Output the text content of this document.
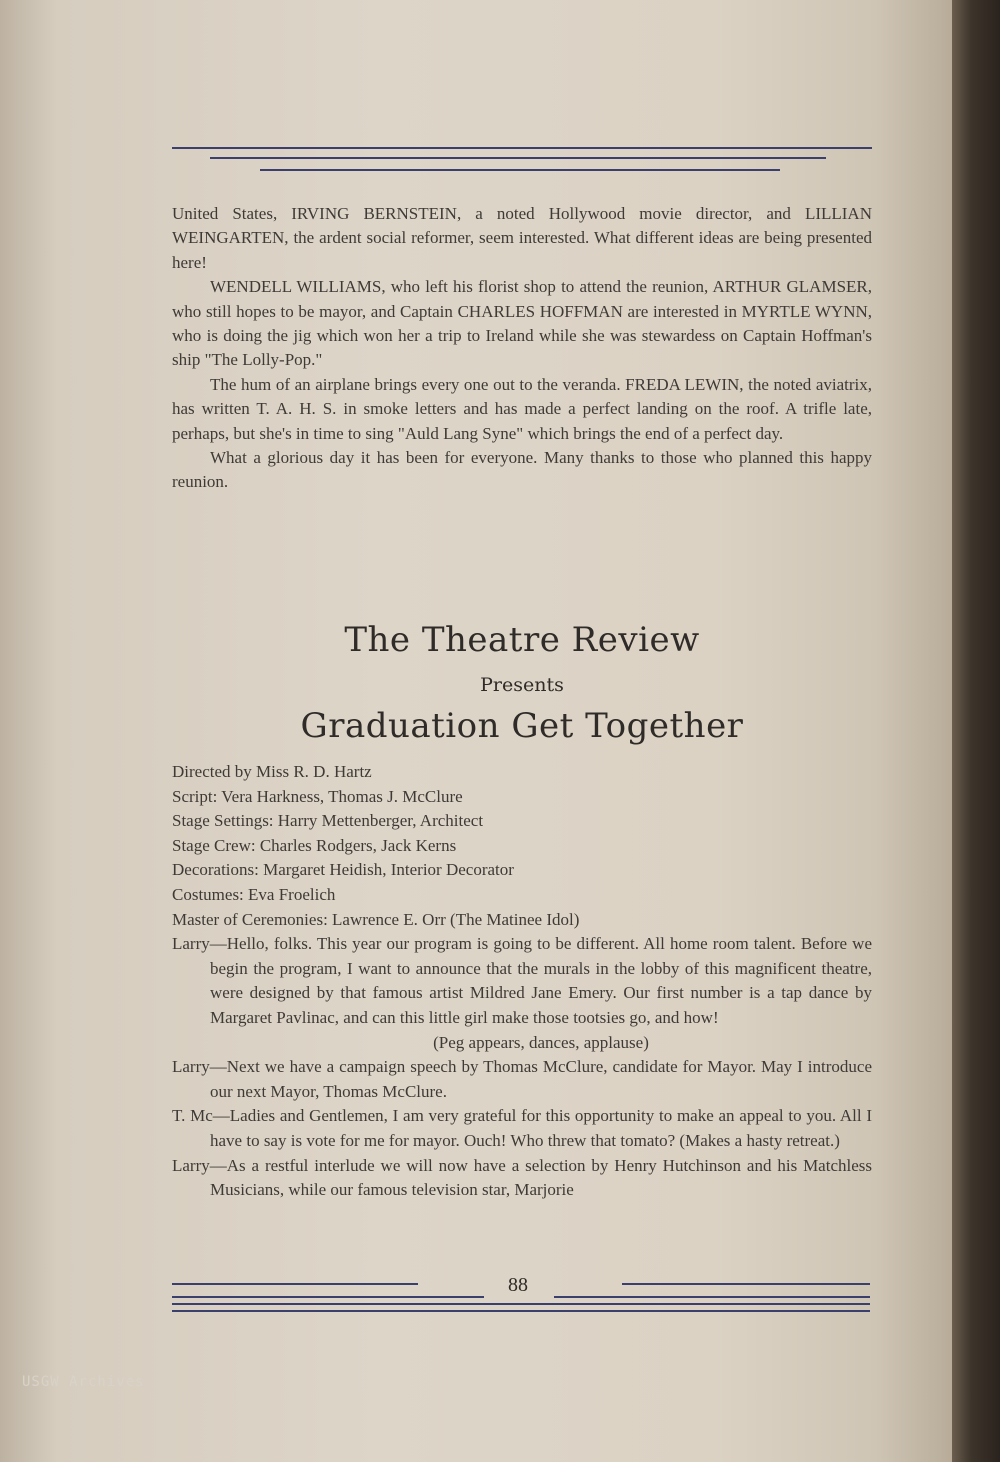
United States, IRVING BERNSTEIN, a noted Hollywood movie director, and LILLIAN WEINGARTEN, the ardent social reformer, seem interested. What different ideas are being presented here!

WENDELL WILLIAMS, who left his florist shop to attend the reunion, ARTHUR GLAMSER, who still hopes to be mayor, and Captain CHARLES HOFFMAN are interested in MYRTLE WYNN, who is doing the jig which won her a trip to Ireland while she was stewardess on Captain Hoffman's ship "The Lolly-Pop."

The hum of an airplane brings every one out to the veranda. FREDA LEWIN, the noted aviatrix, has written T. A. H. S. in smoke letters and has made a perfect landing on the roof. A trifle late, perhaps, but she's in time to sing "Auld Lang Syne" which brings the end of a perfect day.

What a glorious day it has been for everyone. Many thanks to those who planned this happy reunion.

The Theatre Review
Presents
Graduation Get Together

Directed by Miss R. D. Hartz

Script: Vera Harkness, Thomas J. McClure

Stage Settings: Harry Mettenberger, Architect

Stage Crew: Charles Rodgers, Jack Kerns

Decorations: Margaret Heidish, Interior Decorator

Costumes: Eva Froelich

Master of Ceremonies: Lawrence E. Orr (The Matinee Idol)

Larry—Hello, folks. This year our program is going to be different. All home room talent. Before we begin the program, I want to announce that the murals in the lobby of this magnificent theatre, were designed by that famous artist Mildred Jane Emery. Our first number is a tap dance by Margaret Pavlinac, and can this little girl make those tootsies go, and how!
(Peg appears, dances, applause)

Larry—Next we have a campaign speech by Thomas McClure, candidate for Mayor. May I introduce our next Mayor, Thomas McClure.

T. Mc—Ladies and Gentlemen, I am very grateful for this opportunity to make an appeal to you. All I have to say is vote for me for mayor. Ouch! Who threw that tomato? (Makes a hasty retreat.)

Larry—As a restful interlude we will now have a selection by Henry Hutchinson and his Matchless Musicians, while our famous television star, Marjorie

88
USGW Archives
